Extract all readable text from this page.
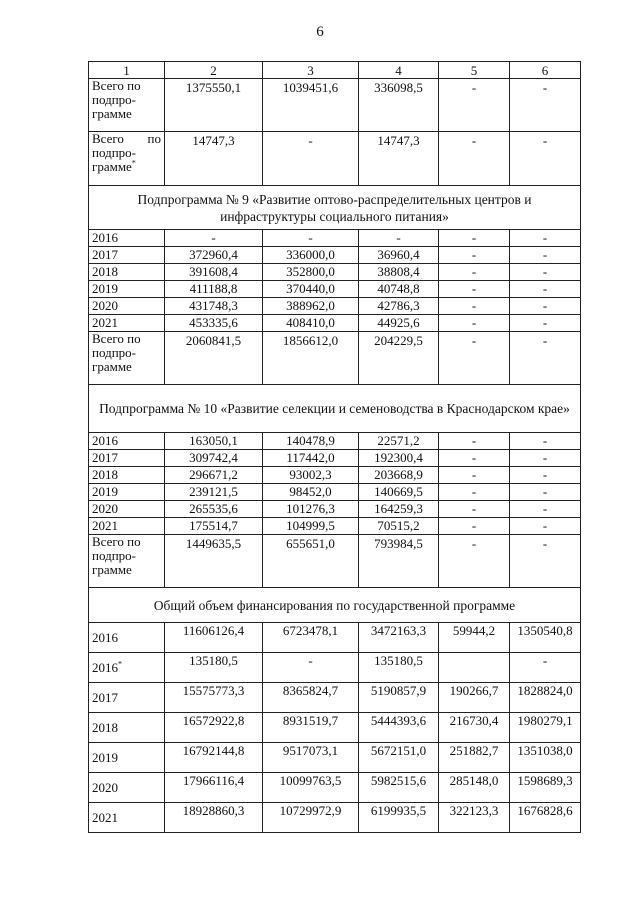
6
1	2	3	4	5	6
Всего по подпро-грамме	1375550,1	1039451,6	336098,5	-	-
Всего по подпро-грамме*	14747,3	-	14747,3	-	-
Подпрограмма № 9 «Развитие оптово-распределительных центров и инфраструктуры социального питания»					
2016	-	-	-	-	-
2017	372960,4	336000,0	36960,4	-	-
2018	391608,4	352800,0	38808,4	-	-
2019	411188,8	370440,0	40748,8	-	-
2020	431748,3	388962,0	42786,3	-	-
2021	453335,6	408410,0	44925,6	-	-
Всего по подпро-грамме	2060841,5	1856612,0	204229,5	-	-
Подпрограмма № 10 «Развитие селекции и семеноводства в Краснодарском крае»					
2016	163050,1	140478,9	22571,2	-	-
2017	309742,4	117442,0	192300,4	-	-
2018	296671,2	93002,3	203668,9	-	-
2019	239121,5	98452,0	140669,5	-	-
2020	265535,6	101276,3	164259,3	-	-
2021	175514,7	104999,5	70515,2	-	-
Всего по подпро-грамме	1449635,5	655651,0	793984,5	-	-
Общий объем финансирования по государственной программе					
2016	11606126,4	6723478,1	3472163,3	59944,2	1350540,8
2016*	135180,5	-	135180,5		-
2017	15575773,3	8365824,7	5190857,9	190266,7	1828824,0
2018	16572922,8	8931519,7	5444393,6	216730,4	1980279,1
2019	16792144,8	9517073,1	5672151,0	251882,7	1351038,0
2020	17966116,4	10099763,5	5982515,6	285148,0	1598689,3
2021	18928860,3	10729972,9	6199935,5	322123,3	1676828,6
